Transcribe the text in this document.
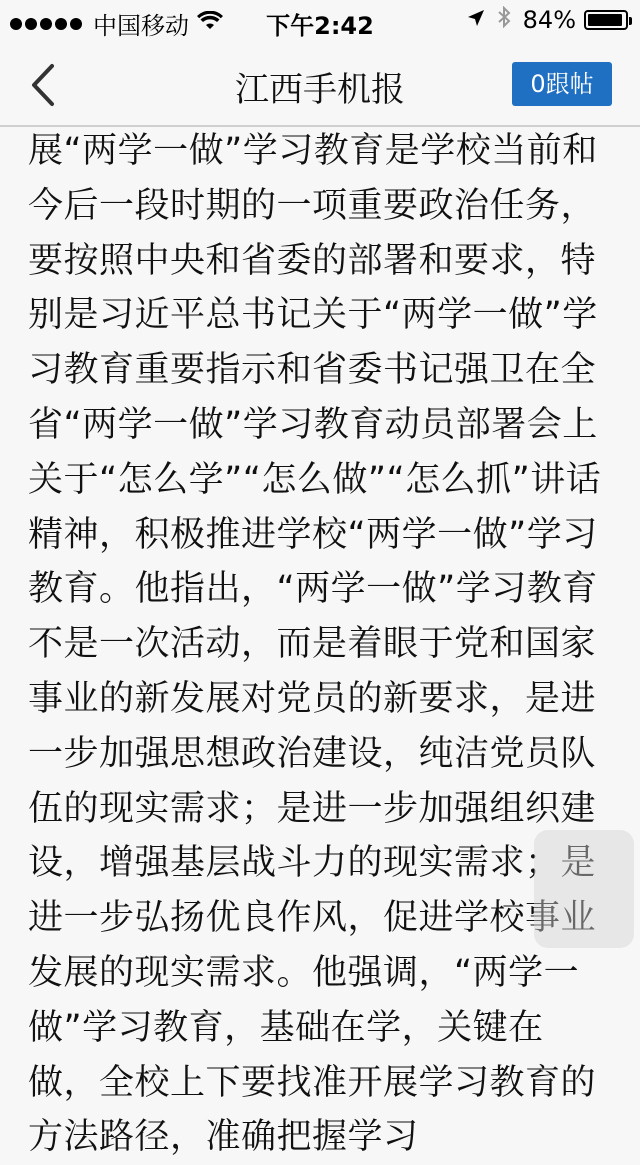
中国移动	下午2:42	84%
江西手机报	0跟帖
展“两学一做”学习教育是学校当前和今后一段时期的一项重要政治任务，要按照中央和省委的部署和要求，特别是习近平总书记关于“两学一做”学习教育重要指示和省委书记强卫在全省“两学一做”学习教育动员部署会上关于“怎么学”“怎么做”“怎么抓”讲话精神，积极推进学校“两学一做”学习教育。他指出，“两学一做”学习教育不是一次活动，而是着眼于党和国家事业的新发展对党员的新要求，是进一步加强思想政治建设，纯洁党员队伍的现实需求；是进一步加强组织建设，增强基层战斗力的现实需求；是进一步弘扬优良作风，促进学校事业发展的现实需求。他强调，“两学一做”学习教育，基础在学，关键在做，全校上下要找准开展学习教育的方法路径，准确把握学习
